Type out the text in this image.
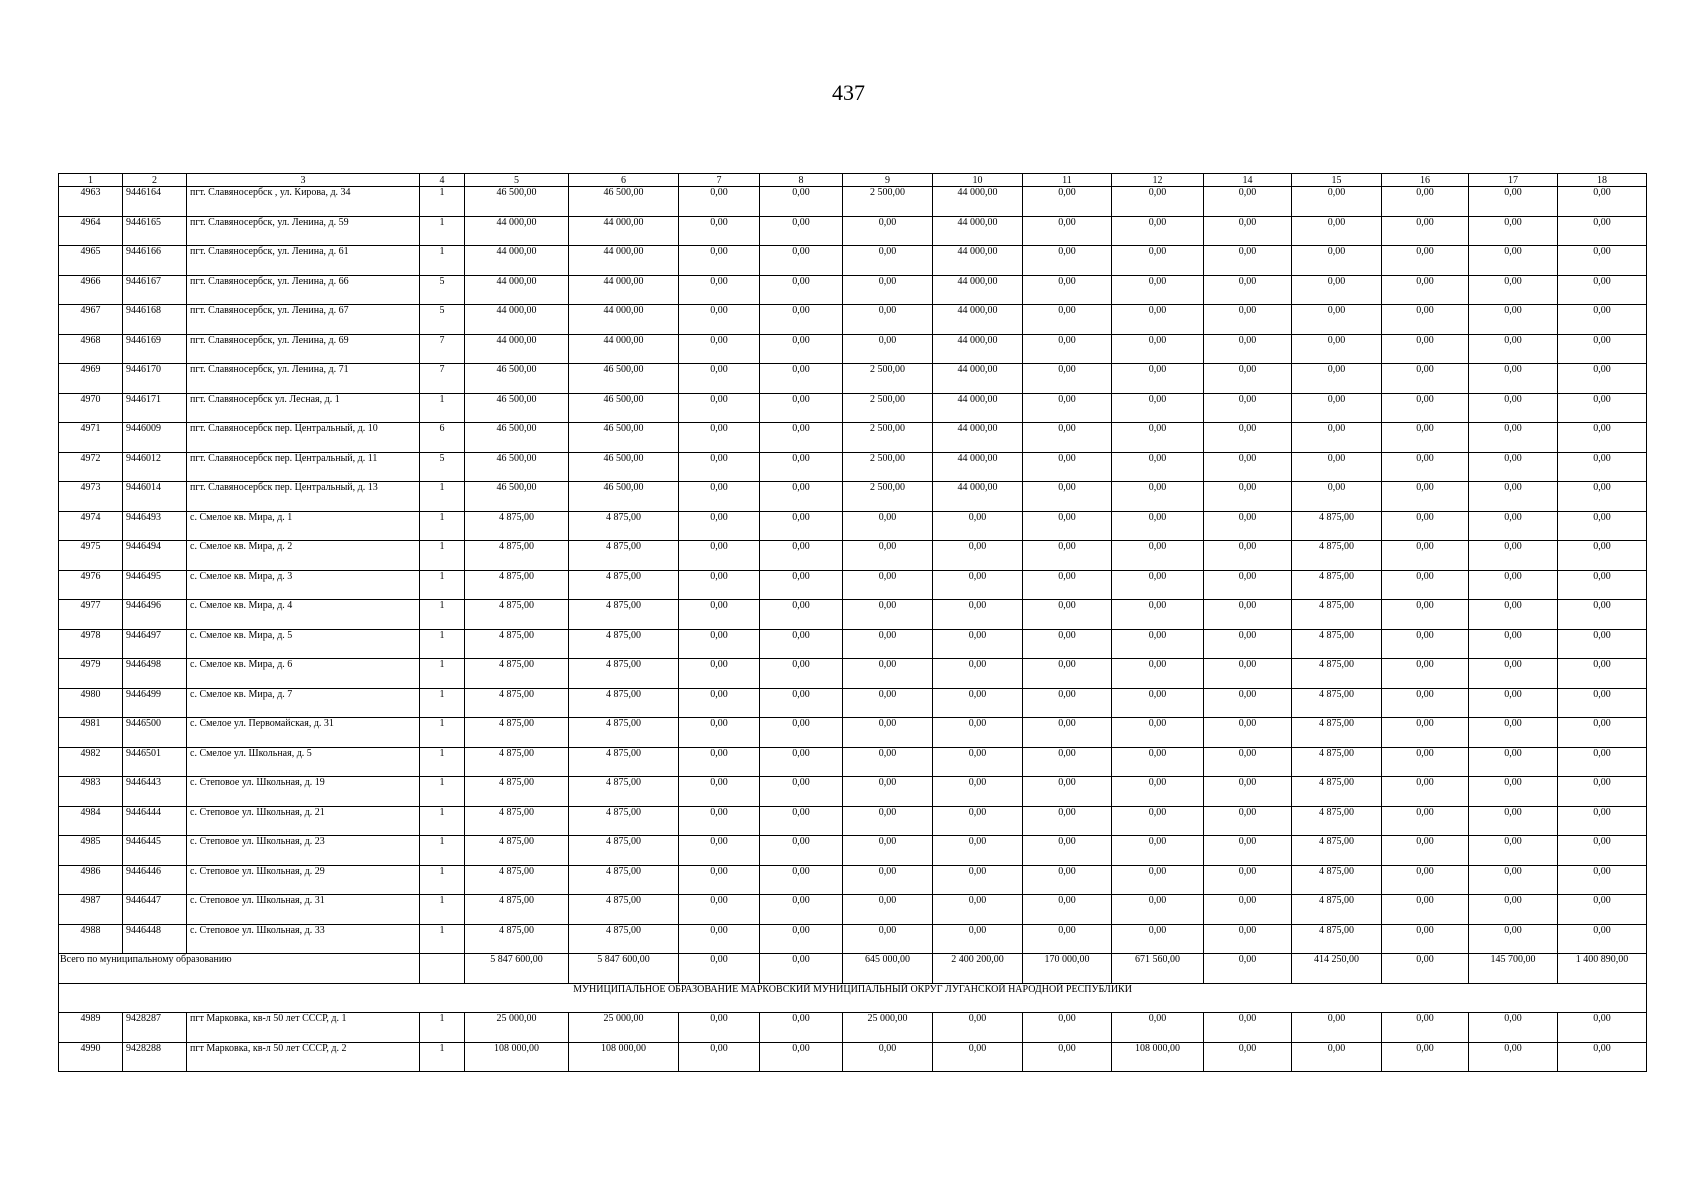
437
1	2	3	4	5	6	7	8	9	10	11	12	14	15	16	17	18
4963	9446164	пгт. Славяносербск , ул. Кирова, д. 34	1	46 500,00	46 500,00	0,00	0,00	2 500,00	44 000,00	0,00	0,00	0,00	0,00	0,00	0,00	0,00
4964	9446165	пгт. Славяносербск, ул. Ленина, д. 59	1	44 000,00	44 000,00	0,00	0,00	0,00	44 000,00	0,00	0,00	0,00	0,00	0,00	0,00	0,00
4965	9446166	пгт. Славяносербск, ул. Ленина, д. 61	1	44 000,00	44 000,00	0,00	0,00	0,00	44 000,00	0,00	0,00	0,00	0,00	0,00	0,00	0,00
4966	9446167	пгт. Славяносербск, ул. Ленина, д. 66	5	44 000,00	44 000,00	0,00	0,00	0,00	44 000,00	0,00	0,00	0,00	0,00	0,00	0,00	0,00
4967	9446168	пгт. Славяносербск, ул. Ленина, д. 67	5	44 000,00	44 000,00	0,00	0,00	0,00	44 000,00	0,00	0,00	0,00	0,00	0,00	0,00	0,00
4968	9446169	пгт. Славяносербск, ул. Ленина, д. 69	7	44 000,00	44 000,00	0,00	0,00	0,00	44 000,00	0,00	0,00	0,00	0,00	0,00	0,00	0,00
4969	9446170	пгт. Славяносербск, ул. Ленина, д. 71	7	46 500,00	46 500,00	0,00	0,00	2 500,00	44 000,00	0,00	0,00	0,00	0,00	0,00	0,00	0,00
4970	9446171	пгт. Славяносербск ул. Лесная, д. 1	1	46 500,00	46 500,00	0,00	0,00	2 500,00	44 000,00	0,00	0,00	0,00	0,00	0,00	0,00	0,00
4971	9446009	пгт. Славяносербск пер. Центральный, д. 10	6	46 500,00	46 500,00	0,00	0,00	2 500,00	44 000,00	0,00	0,00	0,00	0,00	0,00	0,00	0,00
4972	9446012	пгт. Славяносербск пер. Центральный, д. 11	5	46 500,00	46 500,00	0,00	0,00	2 500,00	44 000,00	0,00	0,00	0,00	0,00	0,00	0,00	0,00
4973	9446014	пгт. Славяносербск пер. Центральный, д. 13	1	46 500,00	46 500,00	0,00	0,00	2 500,00	44 000,00	0,00	0,00	0,00	0,00	0,00	0,00	0,00
4974	9446493	с. Смелое кв. Мира, д. 1	1	4 875,00	4 875,00	0,00	0,00	0,00	0,00	0,00	0,00	0,00	4 875,00	0,00	0,00	0,00
4975	9446494	с. Смелое кв. Мира, д. 2	1	4 875,00	4 875,00	0,00	0,00	0,00	0,00	0,00	0,00	0,00	4 875,00	0,00	0,00	0,00
4976	9446495	с. Смелое кв. Мира, д. 3	1	4 875,00	4 875,00	0,00	0,00	0,00	0,00	0,00	0,00	0,00	4 875,00	0,00	0,00	0,00
4977	9446496	с. Смелое кв. Мира, д. 4	1	4 875,00	4 875,00	0,00	0,00	0,00	0,00	0,00	0,00	0,00	4 875,00	0,00	0,00	0,00
4978	9446497	с. Смелое кв. Мира, д. 5	1	4 875,00	4 875,00	0,00	0,00	0,00	0,00	0,00	0,00	0,00	4 875,00	0,00	0,00	0,00
4979	9446498	с. Смелое кв. Мира, д. 6	1	4 875,00	4 875,00	0,00	0,00	0,00	0,00	0,00	0,00	0,00	4 875,00	0,00	0,00	0,00
4980	9446499	с. Смелое кв. Мира, д. 7	1	4 875,00	4 875,00	0,00	0,00	0,00	0,00	0,00	0,00	0,00	4 875,00	0,00	0,00	0,00
4981	9446500	с. Смелое ул. Первомайская, д. 31	1	4 875,00	4 875,00	0,00	0,00	0,00	0,00	0,00	0,00	0,00	4 875,00	0,00	0,00	0,00
4982	9446501	с. Смелое ул. Школьная, д. 5	1	4 875,00	4 875,00	0,00	0,00	0,00	0,00	0,00	0,00	0,00	4 875,00	0,00	0,00	0,00
4983	9446443	с. Степовое ул. Школьная, д. 19	1	4 875,00	4 875,00	0,00	0,00	0,00	0,00	0,00	0,00	0,00	4 875,00	0,00	0,00	0,00
4984	9446444	с. Степовое ул. Школьная, д. 21	1	4 875,00	4 875,00	0,00	0,00	0,00	0,00	0,00	0,00	0,00	4 875,00	0,00	0,00	0,00
4985	9446445	с. Степовое ул. Школьная, д. 23	1	4 875,00	4 875,00	0,00	0,00	0,00	0,00	0,00	0,00	0,00	4 875,00	0,00	0,00	0,00
4986	9446446	с. Степовое ул. Школьная, д. 29	1	4 875,00	4 875,00	0,00	0,00	0,00	0,00	0,00	0,00	0,00	4 875,00	0,00	0,00	0,00
4987	9446447	с. Степовое ул. Школьная, д. 31	1	4 875,00	4 875,00	0,00	0,00	0,00	0,00	0,00	0,00	0,00	4 875,00	0,00	0,00	0,00
4988	9446448	с. Степовое ул. Школьная, д. 33	1	4 875,00	4 875,00	0,00	0,00	0,00	0,00	0,00	0,00	0,00	4 875,00	0,00	0,00	0,00
Всего по муниципальному образованию				5 847 600,00	5 847 600,00	0,00	0,00	645 000,00	2 400 200,00	170 000,00	671 560,00	0,00	414 250,00	0,00	145 700,00	1 400 890,00
МУНИЦИПАЛЬНОЕ ОБРАЗОВАНИЕ МАРКОВСКИЙ МУНИЦИПАЛЬНЫЙ ОКРУГ ЛУГАНСКОЙ НАРОДНОЙ РЕСПУБЛИКИ																
4989	9428287	пгт Марковка, кв-л 50 лет СССР, д. 1	1	25 000,00	25 000,00	0,00	0,00	25 000,00	0,00	0,00	0,00	0,00	0,00	0,00	0,00	0,00
4990	9428288	пгт Марковка, кв-л 50 лет СССР, д. 2	1	108 000,00	108 000,00	0,00	0,00	0,00	0,00	0,00	108 000,00	0,00	0,00	0,00	0,00	0,00
